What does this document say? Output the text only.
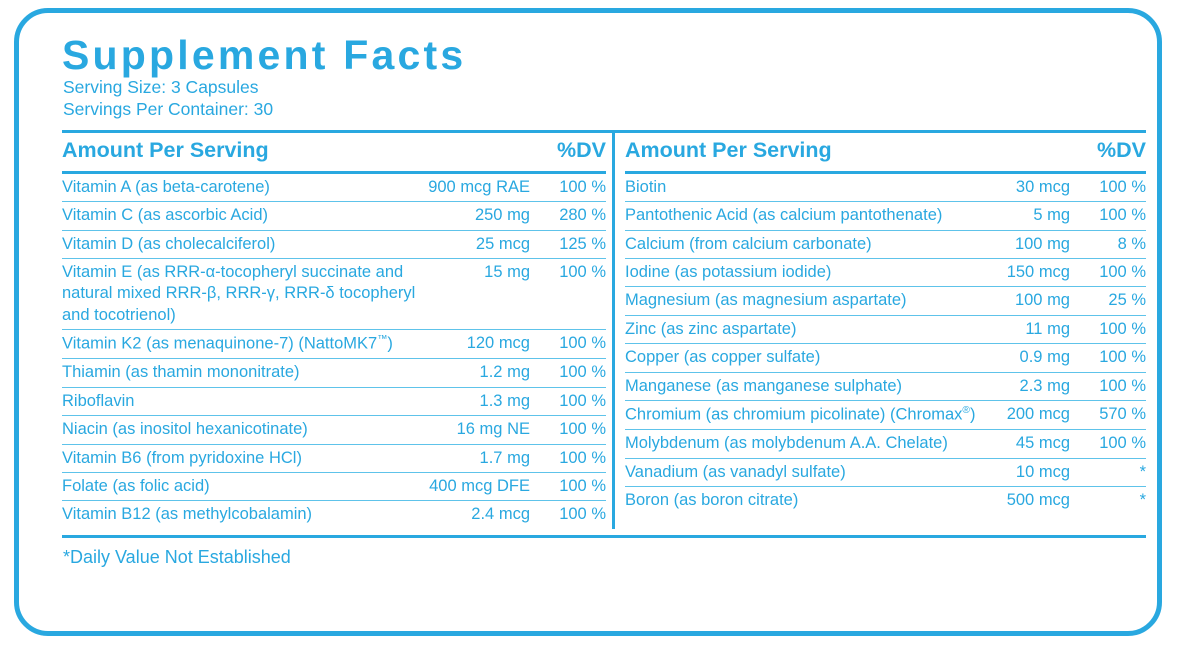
Supplement Facts
Serving Size: 3 Capsules
Servings Per Container: 30
Amount Per Serving		%DV
Vitamin A (as beta-carotene)	900 mcg RAE	100 %
Vitamin C (as ascorbic Acid)	250 mg	280 %
Vitamin D (as cholecalciferol)	25 mcg	125 %
Vitamin E (as RRR-α-tocopheryl succinate and natural mixed RRR-β, RRR-γ, RRR-δ tocopheryl and tocotrienol)	15 mg	100 %
Vitamin K2 (as menaquinone-7) (NattoMK7™)	120 mcg	100 %
Thiamin (as thamin mononitrate)	1.2 mg	100 %
Riboflavin	1.3 mg	100 %
Niacin (as inositol hexanicotinate)	16 mg NE	100 %
Vitamin B6 (from pyridoxine HCl)	1.7 mg	100 %
Folate (as folic acid)	400 mcg DFE	100 %
Vitamin B12 (as methylcobalamin)	2.4 mcg	100 %
Amount Per Serving		%DV
Biotin	30 mcg	100 %
Pantothenic Acid (as calcium pantothenate)	5 mg	100 %
Calcium (from calcium carbonate)	100 mg	8 %
Iodine (as potassium iodide)	150 mcg	100 %
Magnesium (as magnesium aspartate)	100 mg	25 %
Zinc (as zinc aspartate)	11 mg	100 %
Copper (as copper sulfate)	0.9 mg	100 %
Manganese (as manganese sulphate)	2.3 mg	100 %
Chromium (as chromium picolinate) (Chromax®)	200 mcg	570 %
Molybdenum (as molybdenum A.A. Chelate)	45 mcg	100 %
Vanadium (as vanadyl sulfate)	10 mcg	*
Boron (as boron citrate)	500 mcg	*
*Daily Value Not Established
